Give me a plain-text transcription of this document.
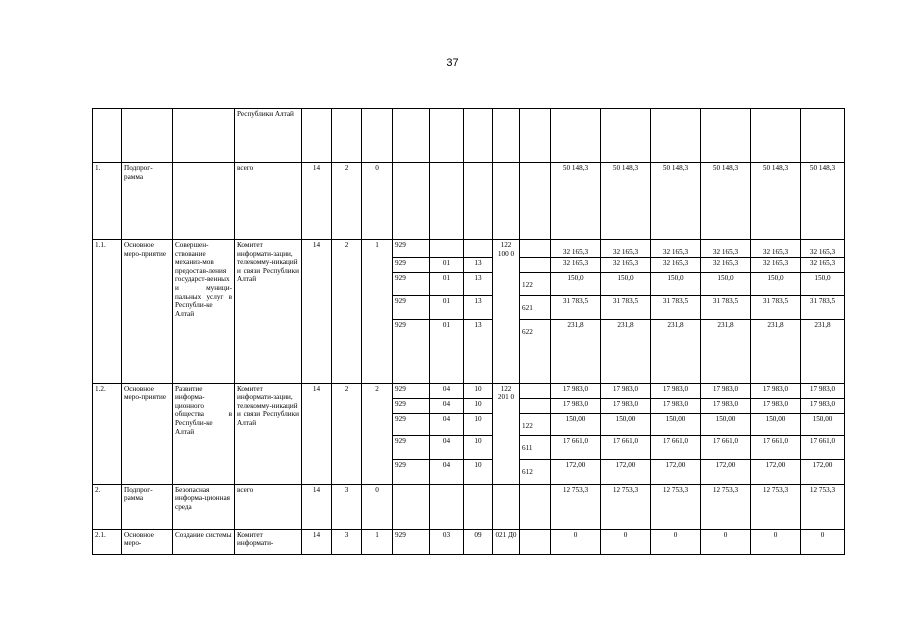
37
			Республики Алтай														
1.	Подпрог-рамма		всего	14	2	0						50 148,3	50 148,3	50 148,3	50 148,3	50 148,3	50 148,3
1.1.	Основное меро-приятие	Совершен-ствование механиз-мов предостав-ления государст-венных и муници-пальных услуг в Республи-ке Алтай	Комитет информати-зации, телекомму-никаций и связи Республики Алтай	14	2	1	929			122 100 0		32 165,3	32 165,3	32 165,3	32 165,3	32 165,3	32 165,3
							929	01	13			32 165,3	32 165,3	32 165,3	32 165,3	32 165,3	32 165,3
							929	01	13		122	150,0	150,0	150,0	150,0	150,0	150,0
							929	01	13		621	31 783,5	31 783,5	31 783,5	31 783,5	31 783,5	31 783,5
							929	01	13		622	231,8	231,8	231,8	231,8	231,8	231,8
1.2.	Основное меро-приятие	Развитие информа-ционного общества в Республи-ке Алтай	Комитет информати-зации, телекомму-никаций и связи Республики Алтай	14	2	2	929	04	10	122 201 0		17 983,0	17 983,0	17 983,0	17 983,0	17 983,0	17 983,0
							929	04	10			17 983,0	17 983,0	17 983,0	17 983,0	17 983,0	17 983,0
							929	04	10		122	150,00	150,00	150,00	150,00	150,00	150,00
							929	04	10		611	17 661,0	17 661,0	17 661,0	17 661,0	17 661,0	17 661,0
							929	04	10		612	172,00	172,00	172,00	172,00	172,00	172,00
2.	Подпрог-рамма	Безопасная информа-ционная среда	всего	14	3	0						12 753,3	12 753,3	12 753,3	12 753,3	12 753,3	12 753,3
2.1.	Основное меро-	Создание системы	Комитет информати-	14	3	1	929	03	09	021 Д0		0	0	0	0	0	0
